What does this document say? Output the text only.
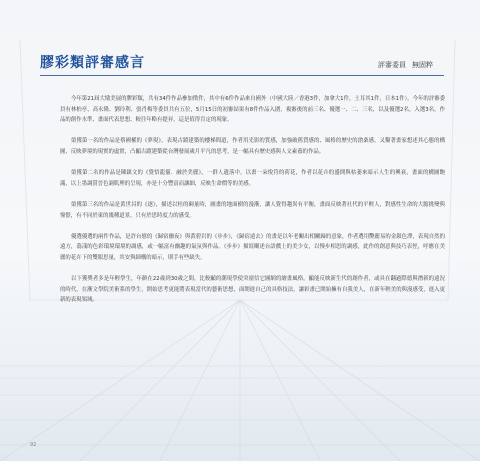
膠彩類評審感言	評審委員 無固粹

今年第21屆大墩美展的膠彩類，共有34件作品參加徵件，其中有6件作品來自國外（中國大陸／香港3件，加拿大1件，土耳其1件，日本1件）。今年的評審委員有林柏亭、高永隆、劉玲利、張肖梅等委員共有五位，5月15日的初審結果有8件作品入圍，複審後的前三名、優選一、二、三名，以及優選2名，入選3名，作品的創作水準、畫面代表思想、較往年略有提昇，這是值得肯定的現象。

榮獲第一名的作品是蔡國權的《夢現》，表現古蹟建築的樓梯間道，作者用光影的質感，加強破舊質感的、風格的歷史的滄桑感，又鑿著畫家想述其心態的構圖，反映夢境的現實的虛實，凸顯古蹟建築從台灣發展歲月平凡的思考，是一幅具有歷史感與人文素養的作品。

榮獲第二名的作品是陳鎮文的《覺悟龍靈．融於美麗》，一群人遺落中，以畫一朵悅符的荷花，作者以花卉的盛開與枯萎來暗示人生的興衰，畫面的構圖飽滿，以上墨調賞晉色調肌理的呈現，亦是十分豐富而讓細，反映生命價等的美感。

榮獲第三名的作品是黃世昌的《逐》，描述以桂的碉量時，圖畫的地面樹的漫漸，讓人覺得趨異有平衡，畫面反映著社代的平輕人，對感性生命的大膽挑變與憧憬，有不同於東的幾種道景，只有於思時度力的感受。

優選優選的兩件作品，是許台慰的《歸宿幽夜》與黃碧岩的《步步》，《歸宿遠去》的畫是以年老關出相關歸的意象，作者選用艷麗易的金銀色澤，表現自然的遠方，蕩漾的色彩環境環境的調感，或一幅富有幽趣的氣氛與作品。《步步》描寫闡述台語戲上的美少女，以慢步相思的調感，此作的創意與技巧表徑，呼應在美麗的花卉下的雙眼思量，其安與細構的暗示，則手有些缺失。

以下獲獎者多是年輕學生，年齡在22歲到30歲之間，比較顯的潮現學使突窗信它圖網的繪畫風格，顯能反映新生代的創作者，或具在翻過際德與潛新的遠況的時代，在漸文學院美術系的學生，開始思考更能將表現當代的藝術思想，面開進自己的具格技法，讓彩畫已開始擁有自我美人，在新年輕美的與漫感受，進入更新的表現領域。

92
